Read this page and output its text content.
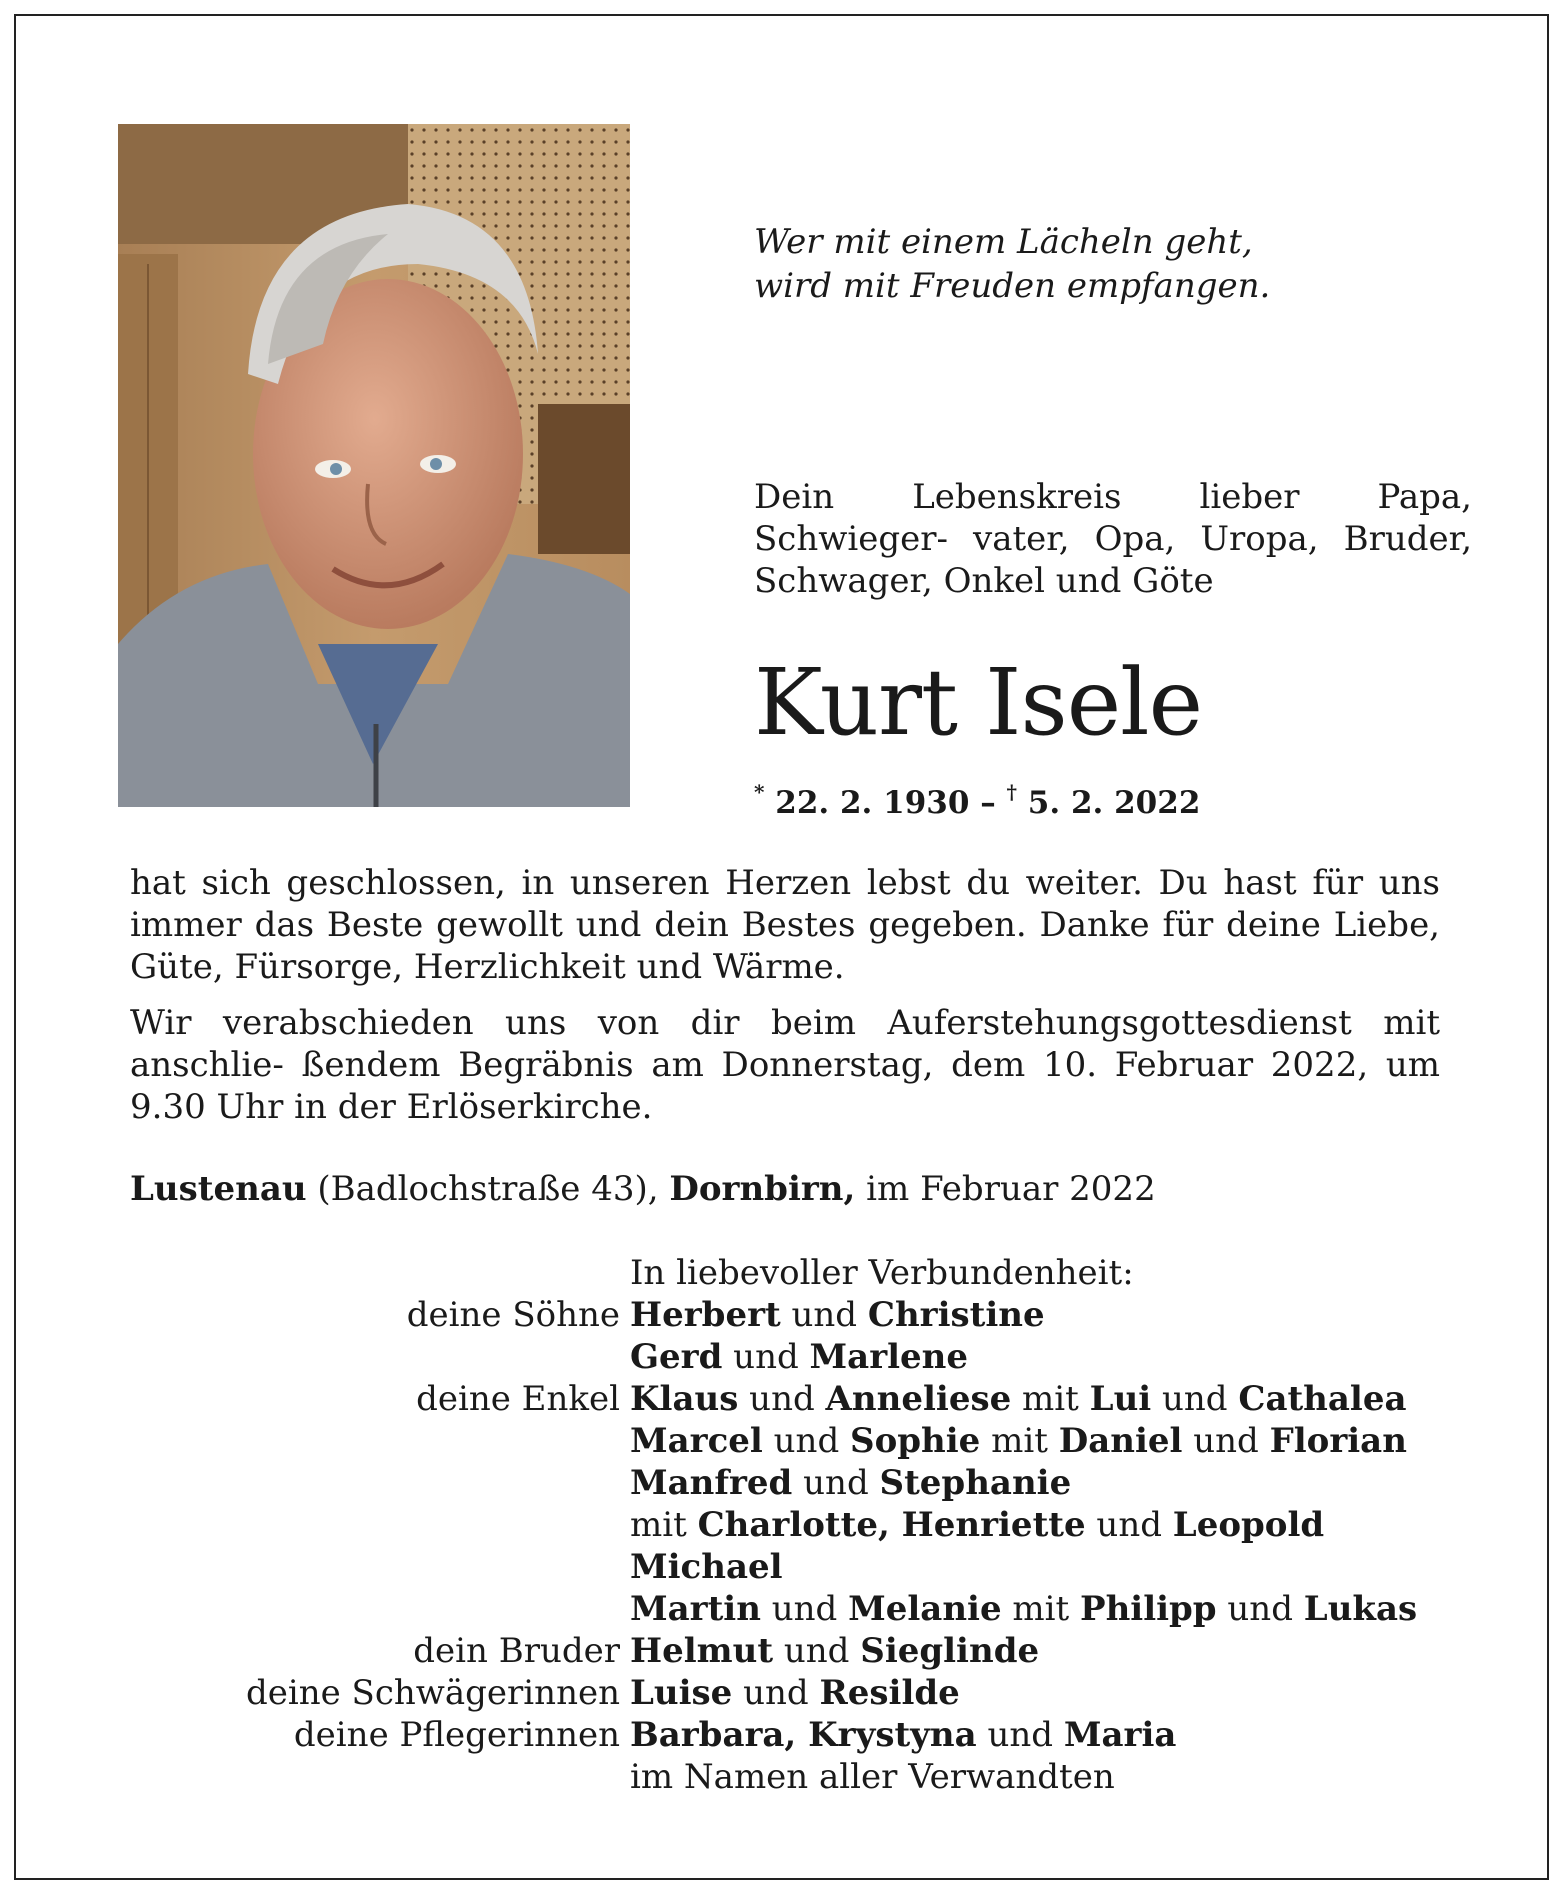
Wer mit einem Lächeln geht,
wird mit Freuden empfangen.
Dein Lebenskreis lieber Papa, Schwieger- vater, Opa, Uropa, Bruder, Schwager, Onkel und Göte
Kurt Isele
* 22. 2. 1930 – † 5. 2. 2022
hat sich geschlossen, in unseren Herzen lebst du weiter. Du hast für uns immer das Beste gewollt und dein Bestes gegeben. Danke für deine Liebe, Güte, Fürsorge, Herzlichkeit und Wärme.
Wir verabschieden uns von dir beim Auferstehungsgottesdienst mit anschlie- ßendem Begräbnis am Donnerstag, dem 10. Februar 2022, um 9.30 Uhr in der Erlöserkirche.
Lustenau (Badlochstraße 43), Dornbirn, im Februar 2022
In liebevoller Verbundenheit:
deine Söhne Herbert und Christine
Gerd und Marlene
deine Enkel Klaus und Anneliese mit Lui und Cathalea
Marcel und Sophie mit Daniel und Florian
Manfred und Stephanie
mit Charlotte, Henriette und Leopold
Michael
Martin und Melanie mit Philipp und Lukas
dein Bruder Helmut und Sieglinde
deine Schwägerinnen Luise und Resilde
deine Pflegerinnen Barbara, Krystyna und Maria
im Namen aller Verwandten
